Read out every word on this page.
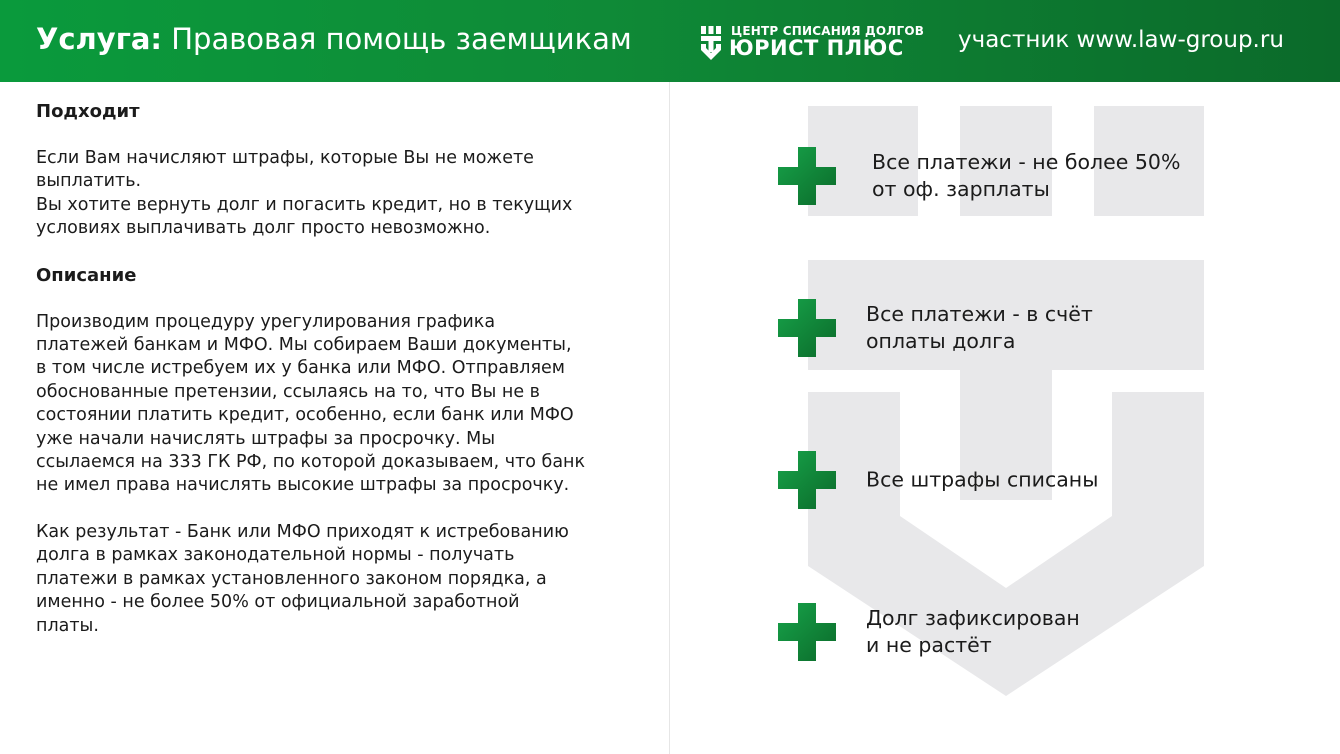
Услуга: Правовая помощь заемщикам	ЦЕНТР СПИСАНИЯ ДОЛГОВ
ЮРИСТ ПЛЮС участник www.law-group.ru
Подходит

Если Вам начисляют штрафы, которые Вы не можете
выплатить.
Вы хотите вернуть долг и погасить кредит, но в текущих
условиях выплачивать долг просто невозможно.

Описание

Производим процедуру урегулирования графика
платежей банкам и МФО. Мы собираем Ваши документы,
в том числе истребуем их у банка или МФО. Отправляем
обоснованные претензии, ссылаясь на то, что Вы не в
состоянии платить кредит, особенно, если банк или МФО
уже начали начислять штрафы за просрочку. Мы
ссылаемся на 333 ГК РФ, по которой доказываем, что банк
не имел права начислять высокие штрафы за просрочку.

Как результат - Банк или МФО приходят к истребованию
долга в рамках законодательной нормы - получать
платежи в рамках установленного законом порядка, а
именно - не более 50% от официальной заработной
платы.

Все платежи - не более 50%
от оф. зарплаты
Все платежи - в счёт
оплаты долга
Все штрафы списаны
Долг зафиксирован
и не растёт
